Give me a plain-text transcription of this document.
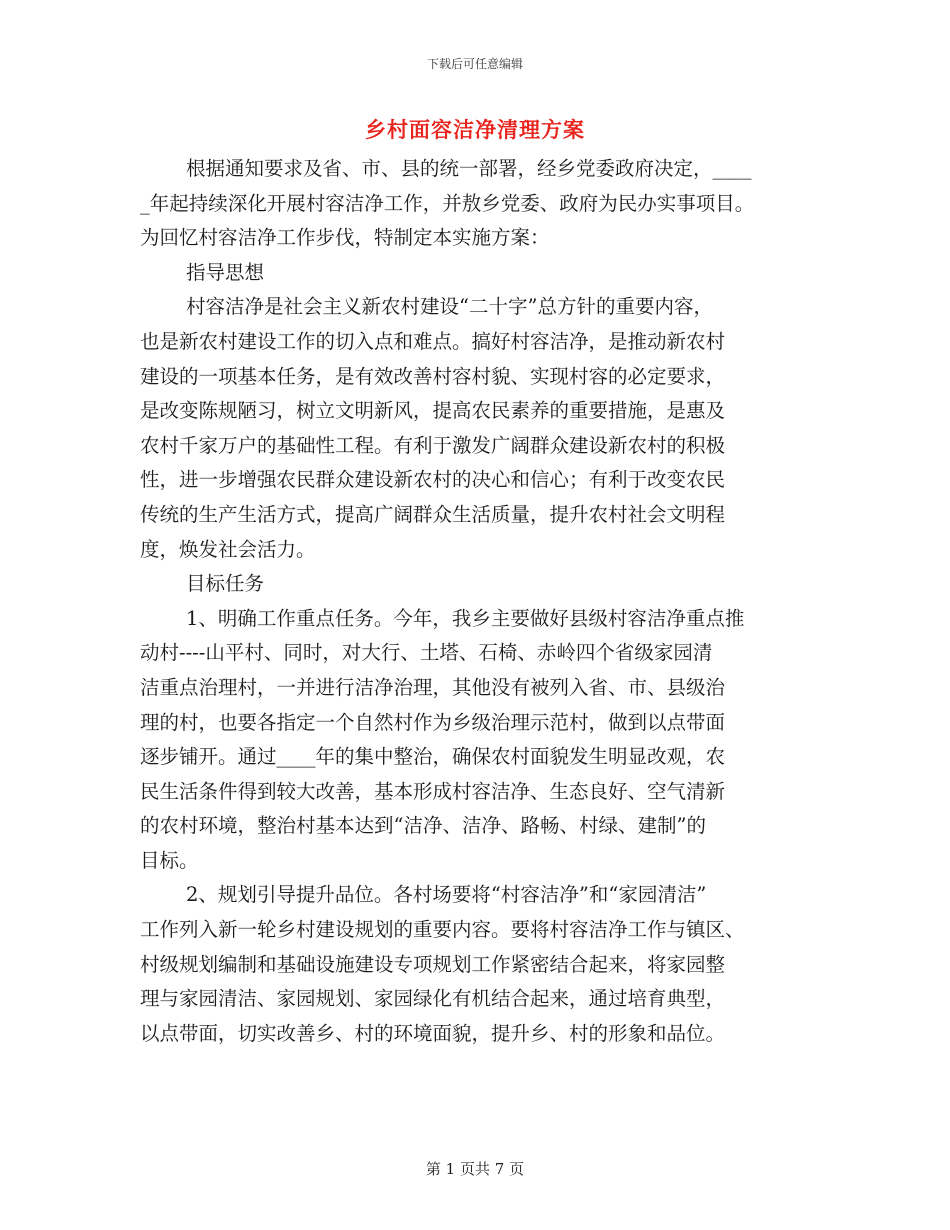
下载后可任意编辑
乡村面容洁净清理方案
根据通知要求及省、市、县的统一部署，经乡党委政府决定，____
_年起持续深化开展村容洁净工作，并敖乡党委、政府为民办实事项目。
为回忆村容洁净工作步伐，特制定本实施方案：
指导思想
村容洁净是社会主义新农村建设“二十字”总方针的重要内容，
也是新农村建设工作的切入点和难点。搞好村容洁净，是推动新农村
建设的一项基本任务，是有效改善村容村貌、实现村容的必定要求，
是改变陈规陋习，树立文明新风，提高农民素养的重要措施，是惠及
农村千家万户的基础性工程。有利于激发广阔群众建设新农村的积极
性，进一步增强农民群众建设新农村的决心和信心；有利于改变农民
传统的生产生活方式，提高广阔群众生活质量，提升农村社会文明程
度，焕发社会活力。
目标任务
1、明确工作重点任务。今年，我乡主要做好县级村容洁净重点推
动村----山平村、同时，对大行、土塔、石椅、赤岭四个省级家园清
洁重点治理村，一并进行洁净治理，其他没有被列入省、市、县级治
理的村，也要各指定一个自然村作为乡级治理示范村，做到以点带面
逐步铺开。通过____年的集中整治，确保农村面貌发生明显改观，农
民生活条件得到较大改善，基本形成村容洁净、生态良好、空气清新
的农村环境，整治村基本达到“洁净、洁净、路畅、村绿、建制”的
目标。
2、规划引导提升品位。各村场要将“村容洁净”和“家园清洁”
工作列入新一轮乡村建设规划的重要内容。要将村容洁净工作与镇区、
村级规划编制和基础设施建设专项规划工作紧密结合起来，将家园整
理与家园清洁、家园规划、家园绿化有机结合起来，通过培育典型，
以点带面，切实改善乡、村的环境面貌，提升乡、村的形象和品位。
第 1 页共 7 页
